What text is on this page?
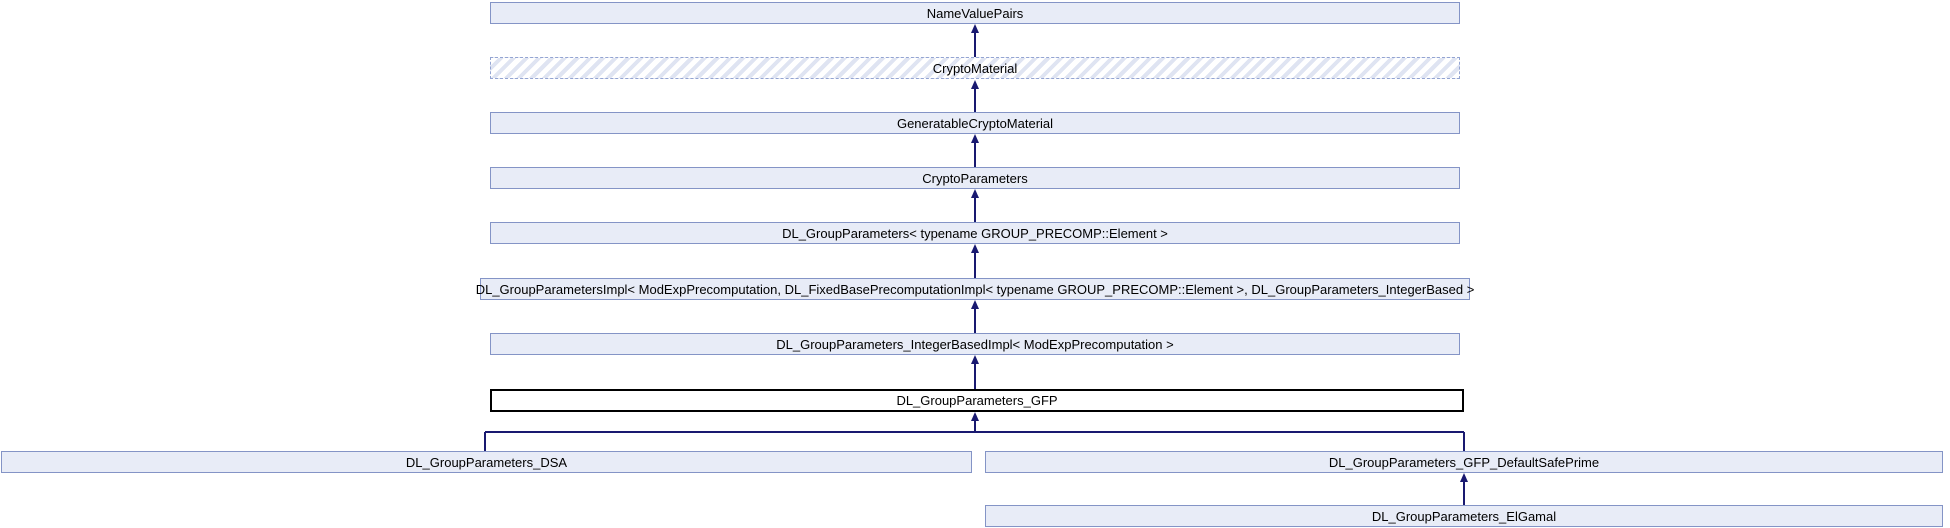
NameValuePairs
CryptoMaterial
GeneratableCryptoMaterial
CryptoParameters
DL_GroupParameters< typename GROUP_PRECOMP::Element >
DL_GroupParametersImpl< ModExpPrecomputation, DL_FixedBasePrecomputationImpl< typename GROUP_PRECOMP::Element >, DL_GroupParameters_IntegerBased >
DL_GroupParameters_IntegerBasedImpl< ModExpPrecomputation >
DL_GroupParameters_GFP
DL_GroupParameters_DSA	DL_GroupParameters_GFP_DefaultSafePrime
DL_GroupParameters_ElGamal
